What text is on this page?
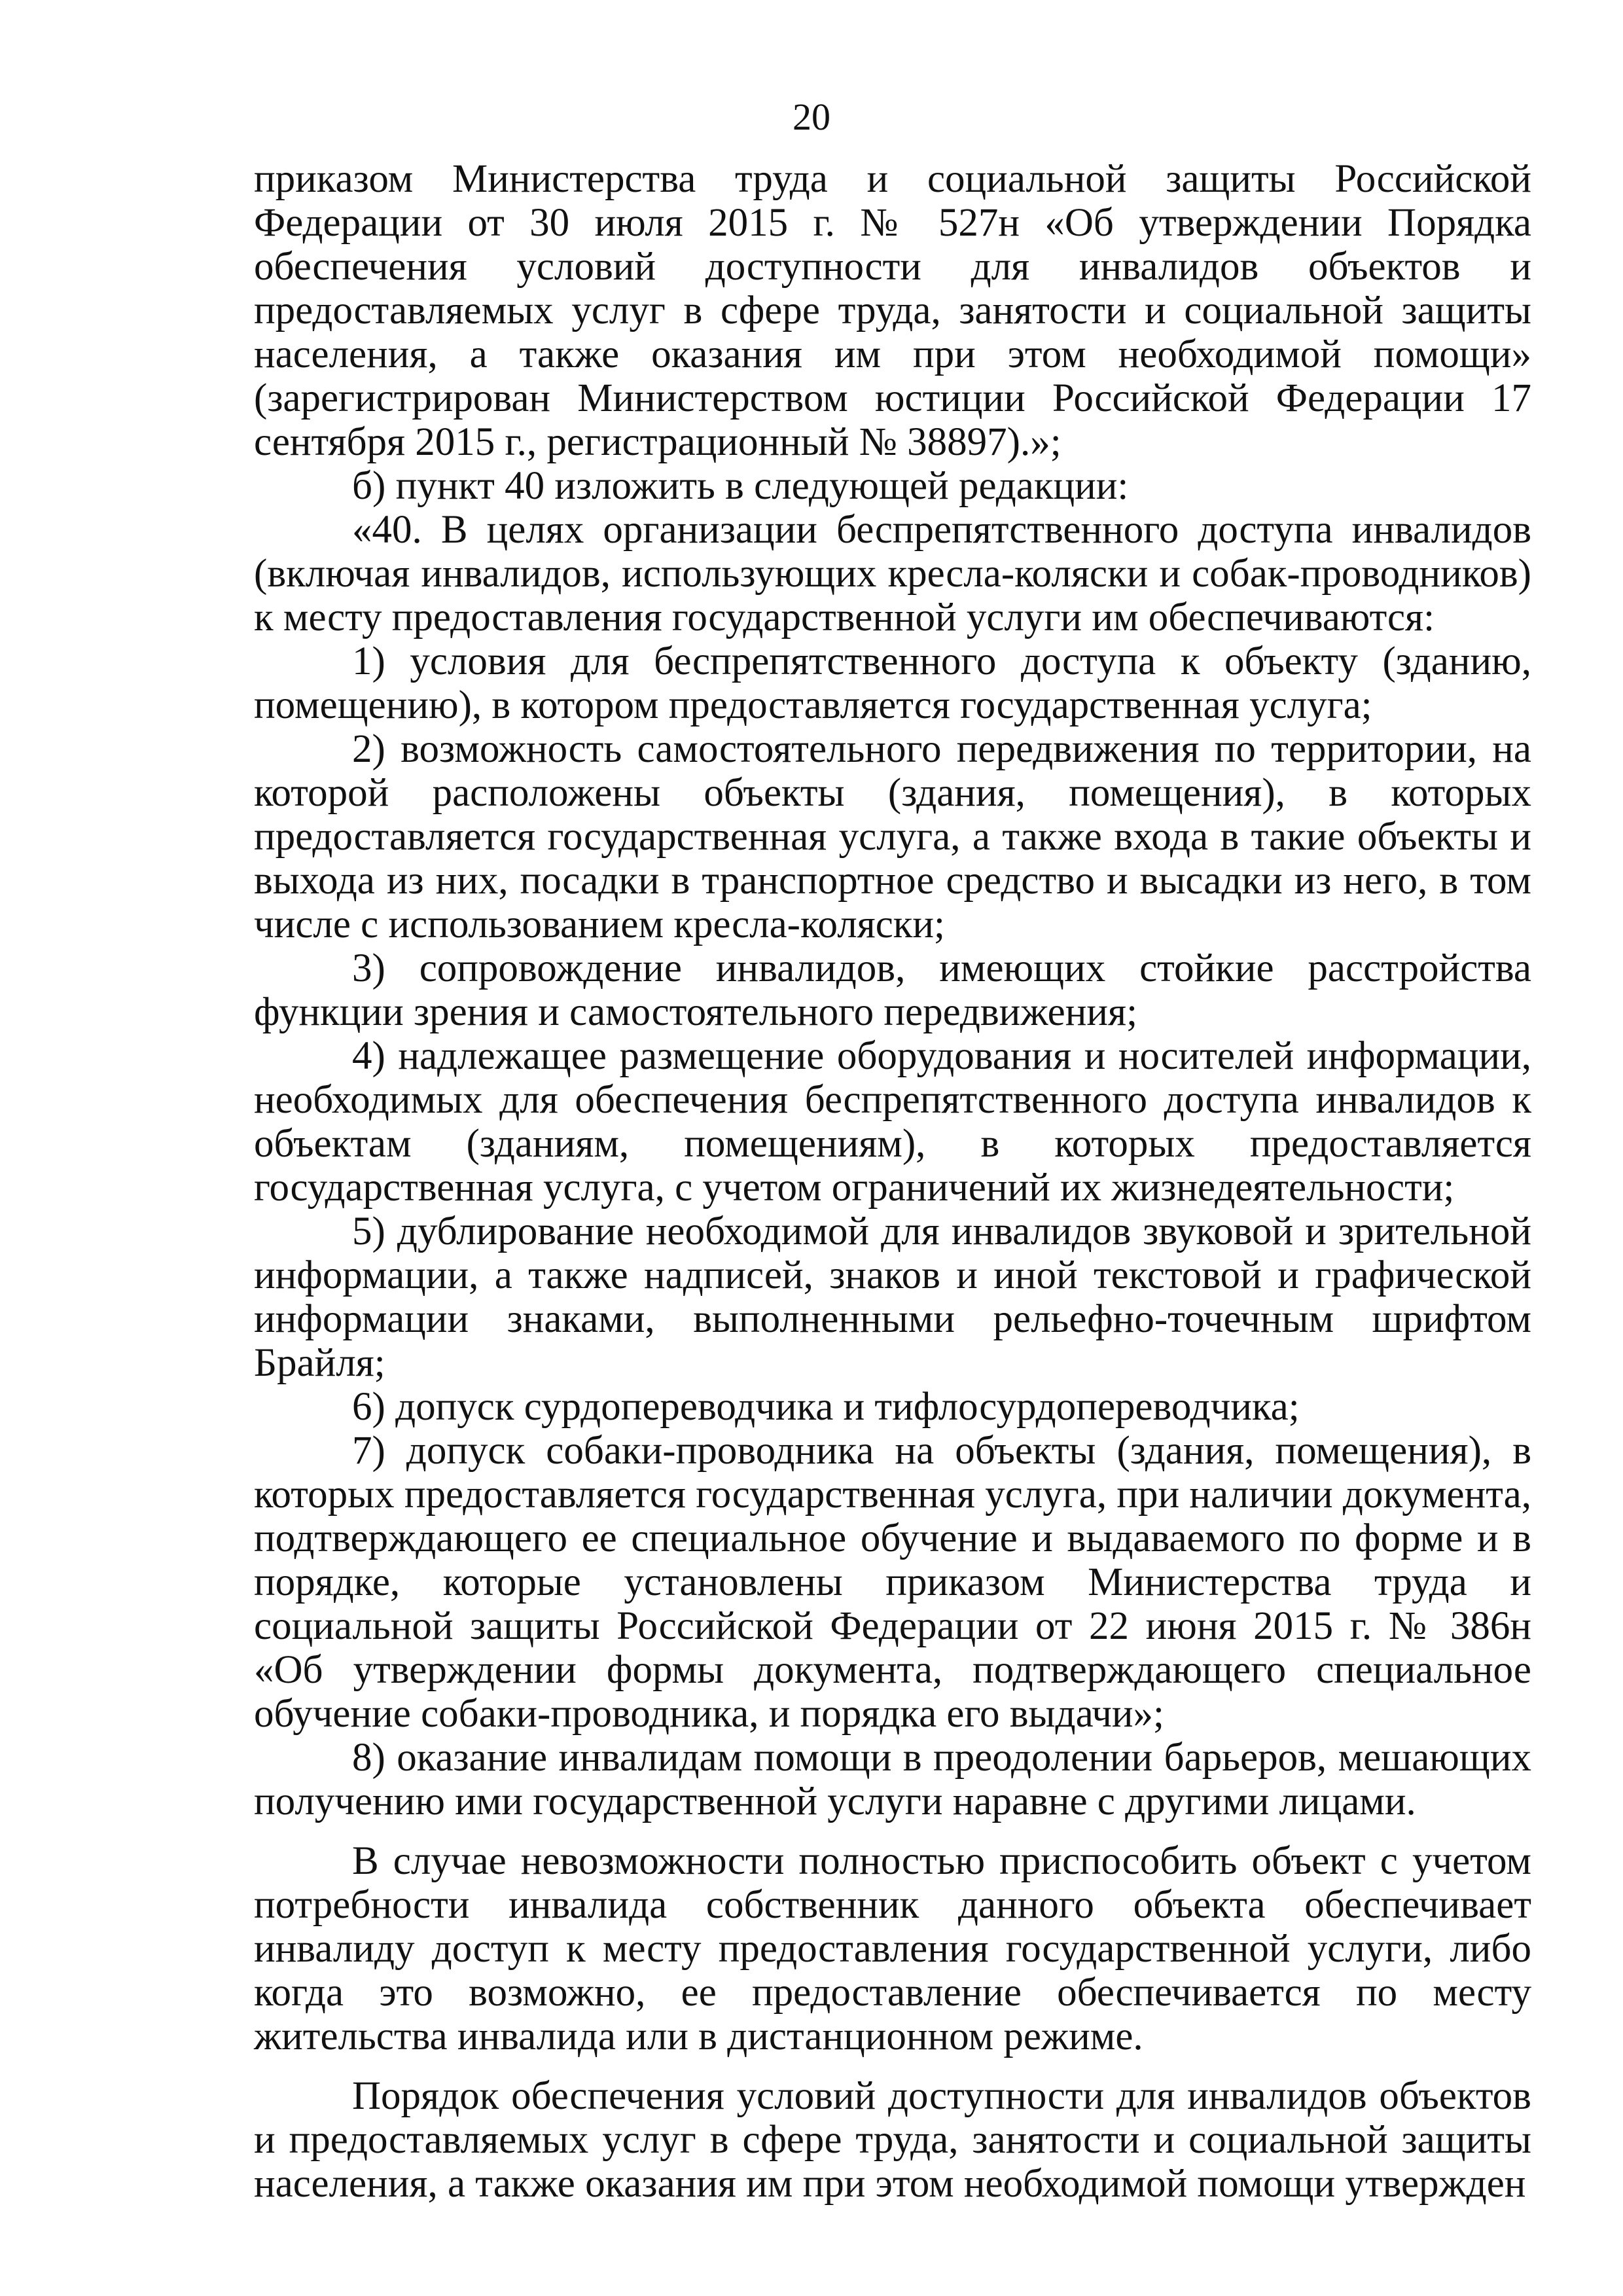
20

приказом Министерства труда и социальной защиты Российской Федерации от 30 июля 2015 г. № 527н «Об утверждении Порядка обеспечения условий доступности для инвалидов объектов и предоставляемых услуг в сфере труда, занятости и социальной защиты населения, а также оказания им при этом необходимой помощи» (зарегистрирован Министерством юстиции Российской Федерации 17 сентября 2015 г., регистрационный № 38897).»;

б) пункт 40 изложить в следующей редакции:

«40. В целях организации беспрепятственного доступа инвалидов (включая инвалидов, использующих кресла-коляски и собак-проводников) к месту предоставления государственной услуги им обеспечиваются:

1) условия для беспрепятственного доступа к объекту (зданию, помещению), в котором предоставляется государственная услуга;

2) возможность самостоятельного передвижения по территории, на которой расположены объекты (здания, помещения), в которых предоставляется государственная услуга, а также входа в такие объекты и выхода из них, посадки в транспортное средство и высадки из него, в том числе с использованием кресла-коляски;

3) сопровождение инвалидов, имеющих стойкие расстройства функции зрения и самостоятельного передвижения;

4) надлежащее размещение оборудования и носителей информации, необходимых для обеспечения беспрепятственного доступа инвалидов к объектам (зданиям, помещениям), в которых предоставляется государственная услуга, с учетом ограничений их жизнедеятельности;

5) дублирование необходимой для инвалидов звуковой и зрительной информации, а также надписей, знаков и иной текстовой и графической информации знаками, выполненными рельефно-точечным шрифтом Брайля;

6) допуск сурдопереводчика и тифлосурдопереводчика;

7) допуск собаки-проводника на объекты (здания, помещения), в которых предоставляется государственная услуга, при наличии документа, подтверждающего ее специальное обучение и выдаваемого по форме и в порядке, которые установлены приказом Министерства труда и социальной защиты Российской Федерации от 22 июня 2015 г. № 386н «Об утверждении формы документа, подтверждающего специальное обучение собаки-проводника, и порядка его выдачи»;

8) оказание инвалидам помощи в преодолении барьеров, мешающих получению ими государственной услуги наравне с другими лицами.

В случае невозможности полностью приспособить объект с учетом потребности инвалида собственник данного объекта обеспечивает инвалиду доступ к месту предоставления государственной услуги, либо когда это возможно, ее предоставление обеспечивается по месту жительства инвалида или в дистанционном режиме.

Порядок обеспечения условий доступности для инвалидов объектов и предоставляемых услуг в сфере труда, занятости и социальной защиты населения, а также оказания им при этом необходимой помощи утвержден
